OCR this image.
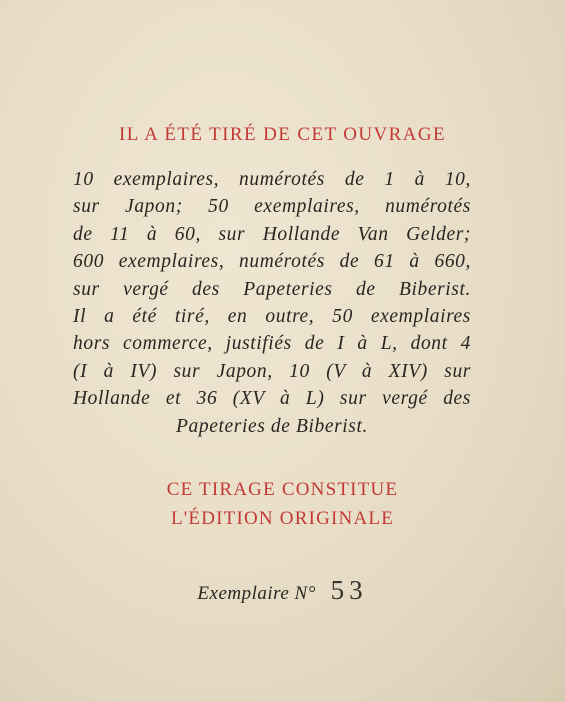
IL A ÉTÉ TIRÉ DE CET OUVRAGE
10 exemplaires, numérotés de 1 à 10,
sur Japon; 50 exemplaires, numérotés
de 11 à 60, sur Hollande Van Gelder;
600 exemplaires, numérotés de 61 à 660,
sur vergé des Papeteries de Biberist.
Il a été tiré, en outre, 50 exemplaires
hors commerce, justifiés de I à L, dont 4
(I à IV) sur Japon, 10 (V à XIV) sur
Hollande et 36 (XV à L) sur vergé des
Papeteries de Biberist.
CE TIRAGE CONSTITUE
L'ÉDITION ORIGINALE
Exemplaire N° 53
